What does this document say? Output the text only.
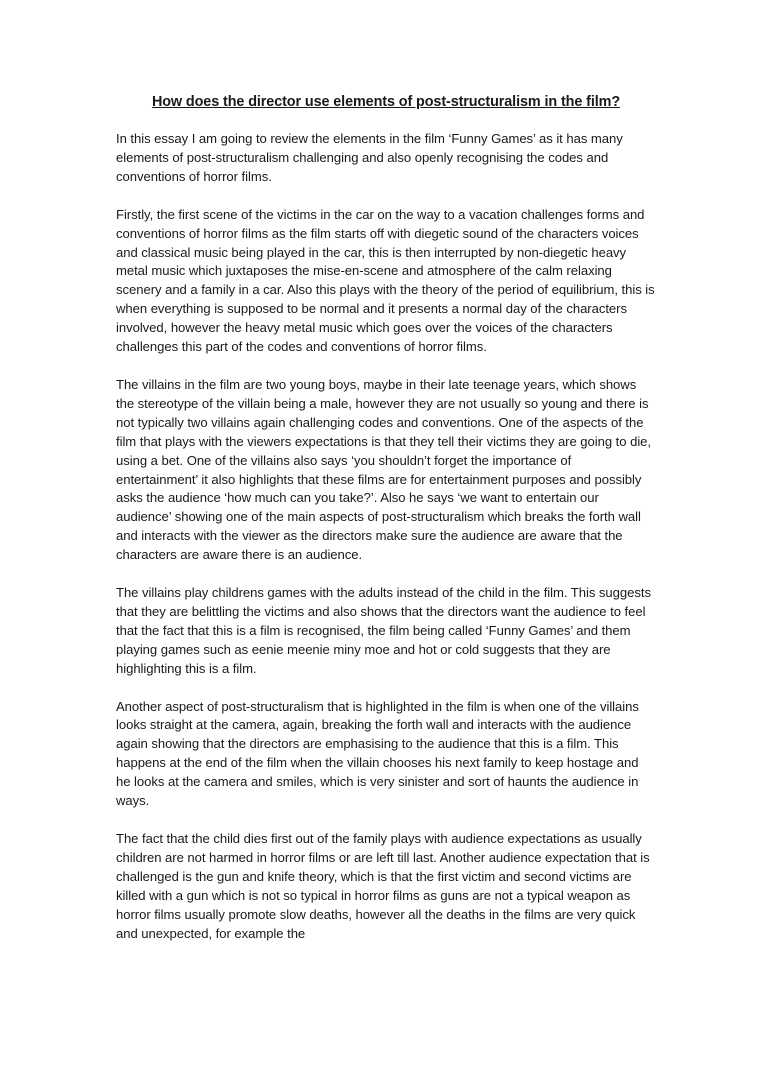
How does the director use elements of post-structuralism in the film?

In this essay I am going to review the elements in the film ‘Funny Games’ as it has many elements of post-structuralism challenging and also openly recognising the codes and conventions of horror films.

Firstly, the first scene of the victims in the car on the way to a vacation challenges forms and conventions of horror films as the film starts off with diegetic sound of the characters voices and classical music being played in the car, this is then interrupted by non-diegetic heavy metal music which juxtaposes the mise-en-scene and atmosphere of the calm relaxing scenery and a family in a car. Also this plays with the theory of the period of equilibrium, this is when everything is supposed to be normal and it presents a normal day of the characters involved, however the heavy metal music which goes over the voices of the characters challenges this part of the codes and conventions of horror films.

The villains in the film are two young boys, maybe in their late teenage years, which shows the stereotype of the villain being a male, however they are not usually so young and there is not typically two villains again challenging codes and conventions. One of the aspects of the film that plays with the viewers expectations is that they tell their victims they are going to die, using a bet. One of the villains also says ‘you shouldn’t forget the importance of entertainment’ it also highlights that these films are for entertainment purposes and possibly asks the audience ‘how much can you take?’. Also he says ‘we want to entertain our audience’ showing one of the main aspects of post-structuralism which breaks the forth wall and interacts with the viewer as the directors make sure the audience are aware that the characters are aware there is an audience.

The villains play childrens games with the adults instead of the child in the film. This suggests that they are belittling the victims and also shows that the directors want the audience to feel that the fact that this is a film is recognised, the film being called ‘Funny Games’ and them playing games such as eenie meenie miny moe and hot or cold suggests that they are highlighting this is a film.

Another aspect of post-structuralism that is highlighted in the film is when one of the villains looks straight at the camera, again, breaking the forth wall and interacts with the audience again showing that the directors are emphasising to the audience that this is a film. This happens at the end of the film when the villain chooses his next family to keep hostage and he looks at the camera and smiles, which is very sinister and sort of haunts the audience in ways.

The fact that the child dies first out of the family plays with audience expectations as usually children are not harmed in horror films or are left till last. Another audience expectation that is challenged is the gun and knife theory, which is that the first victim and second victims are killed with a gun which is not so typical in horror films as guns are not a typical weapon as horror films usually promote slow deaths, however all the deaths in the films are very quick and unexpected, for example the
